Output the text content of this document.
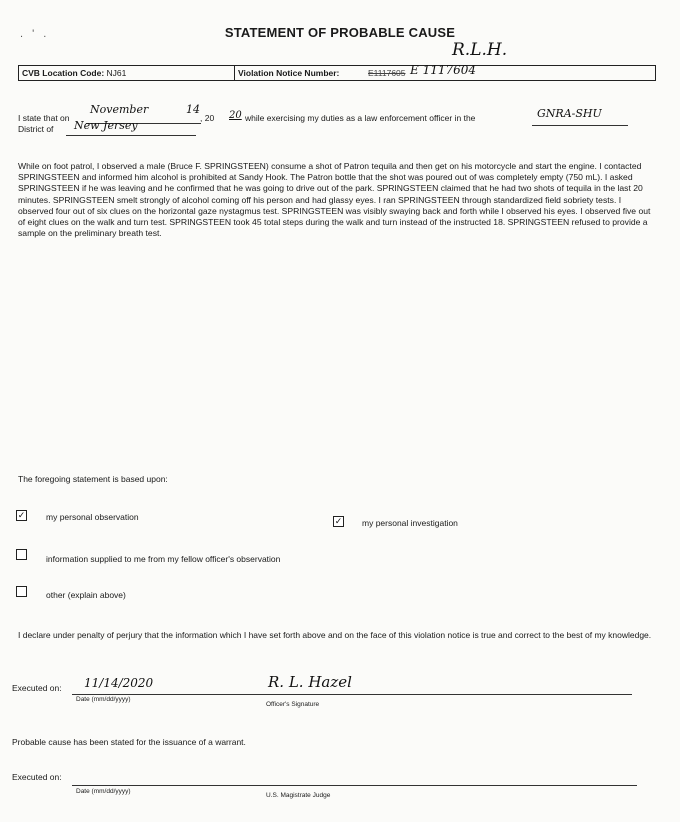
. ' .	STATEMENT OF PROBABLE CAUSE
R.L.H.
CVB Location Code: NJ61	Violation Notice Number:	E1117605 E 1117604
I state that on
November	14
, 20 20 while exercising my duties as a law enforcement officer in the	GNRA-SHU
District of New Jersey
While on foot patrol, I observed a male (Bruce F. SPRINGSTEEN) consume a shot of Patron tequila and then get on his motorcycle and start the engine. I contacted SPRINGSTEEN and informed him alcohol is prohibited at Sandy Hook. The Patron bottle that the shot was poured out of was completely empty (750 mL). I asked SPRINGSTEEN if he was leaving and he confirmed that he was going to drive out of the park. SPRINGSTEEN claimed that he had two shots of tequila in the last 20 minutes. SPRINGSTEEN smelt strongly of alcohol coming off his person and had glassy eyes. I ran SPRINGSTEEN through standardized field sobriety tests. I observed four out of six clues on the horizontal gaze nystagmus test. SPRINGSTEEN was visibly swaying back and forth while I observed his eyes. I observed five out of eight clues on the walk and turn test. SPRINGSTEEN took 45 total steps during the walk and turn instead of the instructed 18. SPRINGSTEEN refused to provide a sample on the preliminary breath test.
The foregoing statement is based upon:
✓ my personal observation	✓ my personal investigation
information supplied to me from my fellow officer's observation
other (explain above)
I declare under penalty of perjury that the information which I have set forth above and on the face of this violation notice is true and correct to the best of my knowledge.
Executed on: 11/14/2020	R. L. Hazel
Date (mm/dd/yyyy)
Officer's Signature
Probable cause has been stated for the issuance of a warrant.
Executed on:
Date (mm/dd/yyyy)
U.S. Magistrate Judge
